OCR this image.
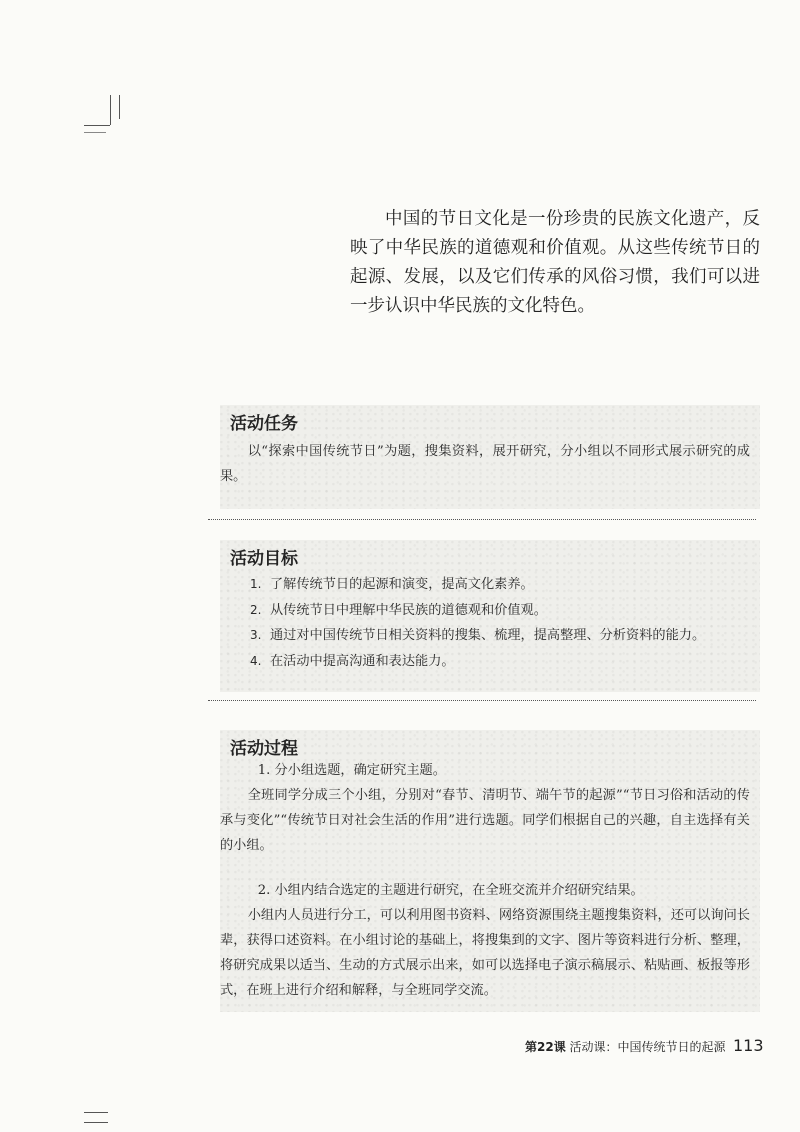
中国的节日文化是一份珍贵的民族文化遗产，反映了中华民族的道德观和价值观。从这些传统节日的起源、发展，以及它们传承的风俗习惯，我们可以进一步认识中华民族的文化特色。

活动任务

以“探索中国传统节日”为题，搜集资料，展开研究，分小组以不同形式展示研究的成果。

活动目标
1. 了解传统节日的起源和演变，提高文化素养。
2. 从传统节日中理解中华民族的道德观和价值观。
3. 通过对中国传统节日相关资料的搜集、梳理，提高整理、分析资料的能力。
4. 在活动中提高沟通和表达能力。
活动过程

1. 分小组选题，确定研究主题。

全班同学分成三个小组，分别对“春节、清明节、端午节的起源”“节日习俗和活动的传承与变化”“传统节日对社会生活的作用”进行选题。同学们根据自己的兴趣，自主选择有关的小组。

2. 小组内结合选定的主题进行研究，在全班交流并介绍研究结果。

小组内人员进行分工，可以利用图书资料、网络资源围绕主题搜集资料，还可以询问长辈，获得口述资料。在小组讨论的基础上，将搜集到的文字、图片等资料进行分析、整理，将研究成果以适当、生动的方式展示出来，如可以选择电子演示稿展示、粘贴画、板报等形式，在班上进行介绍和解释，与全班同学交流。

第22课 活动课：中国传统节日的起源 113
